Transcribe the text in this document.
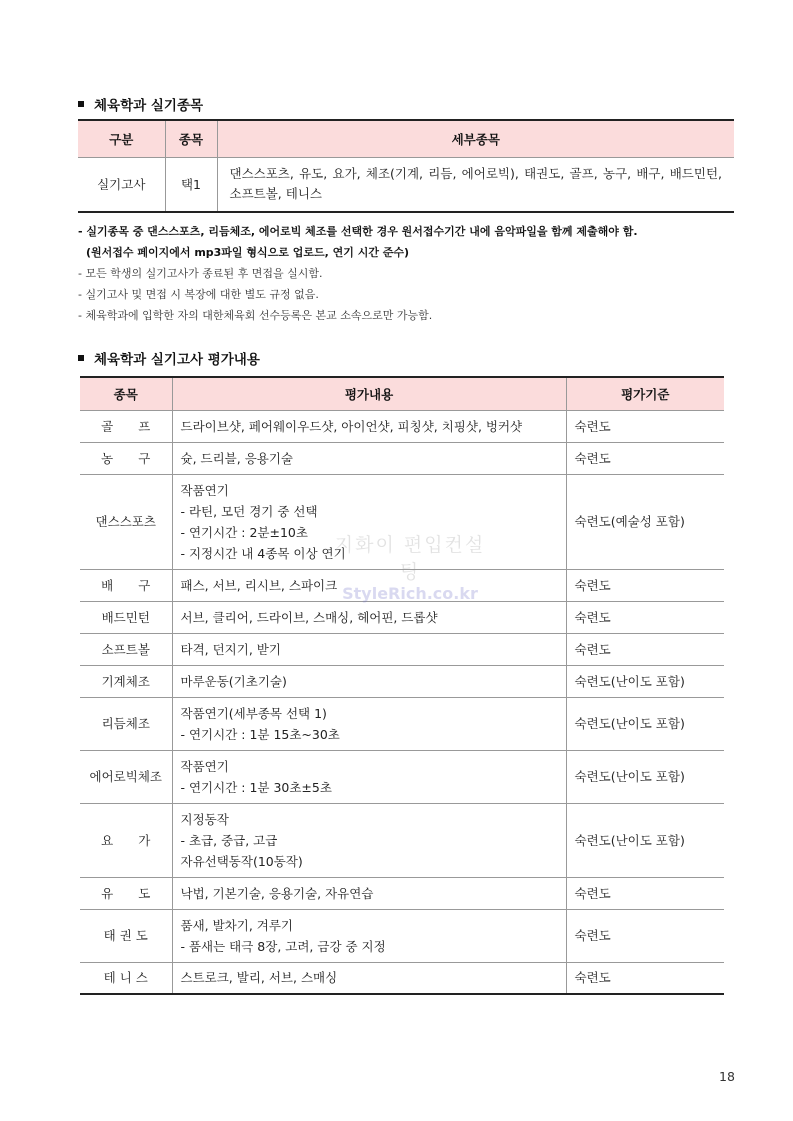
체육학과 실기종목
구분	종목	세부종목
실기고사	택1	댄스스포츠, 유도, 요가, 체조(기계, 리듬, 에어로빅), 태권도, 골프, 농구, 배구, 배드민턴, 소프트볼, 테니스
- 실기종목 중 댄스스포츠, 리듬체조, 에어로빅 체조를 선택한 경우 원서접수기간 내에 음악파일을 함께 제출해야 함.
(원서접수 페이지에서 mp3파일 형식으로 업로드, 연기 시간 준수)
- 모든 학생의 실기고사가 종료된 후 면접을 실시함.
- 실기고사 및 면접 시 복장에 대한 별도 규정 없음.
- 체육학과에 입학한 자의 대한체육회 선수등록은 본교 소속으로만 가능함.
체육학과 실기고사 평가내용
종목	평가내용	평가기준
골　　프	드라이브샷, 페어웨이우드샷, 아이언샷, 피칭샷, 치핑샷, 벙커샷	숙련도
농　　구	슛, 드리블, 응용기술	숙련도
댄스스포츠	작품연기
- 라틴, 모던 경기 중 선택
- 연기시간 : 2분±10초
- 지정시간 내 4종목 이상 연기	숙련도(예술성 포함)
배　　구	패스, 서브, 리시브, 스파이크	숙련도
배드민턴	서브, 클리어, 드라이브, 스매싱, 헤어핀, 드롭샷	숙련도
소프트볼	타격, 던지기, 받기	숙련도
기계체조	마루운동(기초기술)	숙련도(난이도 포함)
리듬체조	작품연기(세부종목 선택 1)
- 연기시간 : 1분 15초~30초	숙련도(난이도 포함)
에어로빅체조	작품연기
- 연기시간 : 1분 30초±5초	숙련도(난이도 포함)
요　　가	지정동작
- 초급, 중급, 고급
자유선택동작(10동작)	숙련도(난이도 포함)
유　　도	낙법, 기본기술, 응용기술, 자유연습	숙련도
태 권 도	품새, 발차기, 겨루기
- 품새는 태극 8장, 고려, 금강 중 지정	숙련도
테 니 스	스트로크, 발리, 서브, 스매싱	숙련도
지화이 편입컨설팅
StyleRich.co.kr
18
